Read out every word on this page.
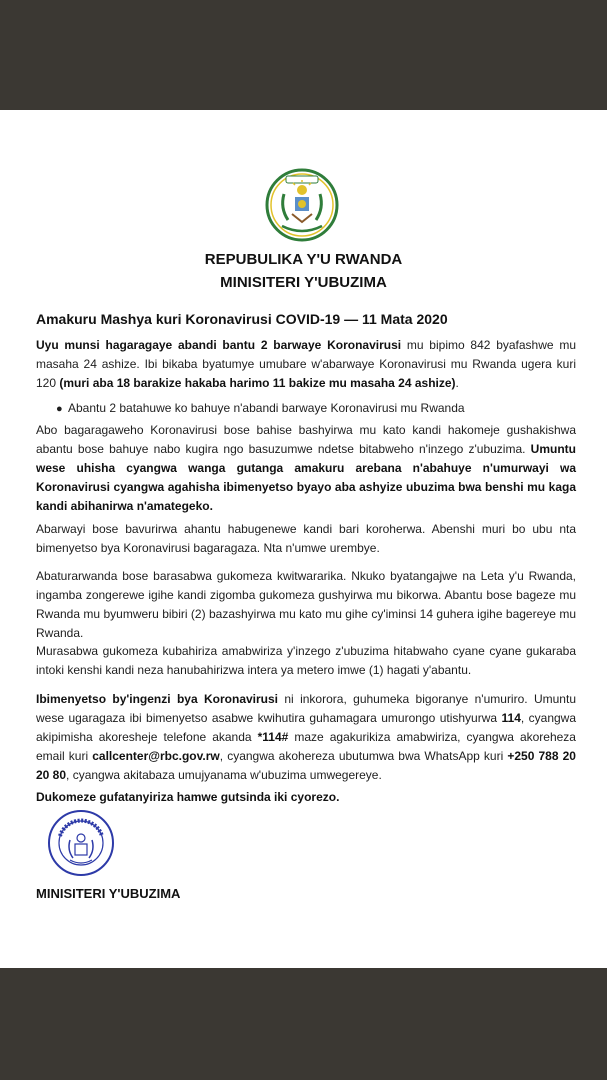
REPUBULIKA Y'U RWANDA
MINISITERI Y'UBUZIMA
Amakuru Mashya kuri Koronavirusi COVID-19 — 11 Mata 2020

Uyu munsi hagaragaye abandi bantu 2 barwaye Koronavirusi mu bipimo 842 byafashwe mu masaha 24 ashize. Ibi bikaba byatumye umubare w'abarwaye Koronavirusi mu Rwanda ugera kuri 120 (muri aba 18 barakize hakaba harimo 11 bakize mu masaha 24 ashize).

● Abantu 2 batahuwe ko bahuye n'abandi barwaye Koronavirusi mu Rwanda

Abo bagaragaweho Koronavirusi bose bahise bashyirwa mu kato kandi hakomeje gushakishwa abantu bose bahuye nabo kugira ngo basuzumwe ndetse bitabweho n'inzego z'ubuzima. Umuntu wese uhisha cyangwa wanga gutanga amakuru arebana n'abahuye n'umurwayi wa Koronavirusi cyangwa agahisha ibimenyetso byayo aba ashyize ubuzima bwa benshi mu kaga kandi abihanirwa n'amategeko.

Abarwayi bose bavurirwa ahantu habugenewe kandi bari koroherwa. Abenshi muri bo ubu nta bimenyetso bya Koronavirusi bagaragaza. Nta n'umwe urembye.

Abaturarwanda bose barasabwa gukomeza kwitwararika. Nkuko byatangajwe na Leta y'u Rwanda, ingamba zongerewe igihe kandi zigomba gukomeza gushyirwa mu bikorwa. Abantu bose bageze mu Rwanda mu byumweru bibiri (2) bazashyirwa mu kato mu gihe cy'iminsi 14 guhera igihe bagereye mu Rwanda.

Murasabwa gukomeza kubahiriza amabwiriza y'inzego z'ubuzima hitabwaho cyane cyane gukaraba intoki kenshi kandi neza hanubahirizwa intera ya metero imwe (1) hagati y'abantu.

Ibimenyetso by'ingenzi bya Koronavirusi ni inkorora, guhumeka bigoranye n'umuriro. Umuntu wese ugaragaza ibi bimenyetso asabwe kwihutira guhamagara umurongo utishyurwa 114, cyangwa akipimisha akoresheje telefone akanda *114# maze agakurikiza amabwiriza, cyangwa akoreheza email kuri callcenter@rbc.gov.rw, cyangwa akohereza ubutumwa bwa WhatsApp kuri +250 788 20 20 80, cyangwa akitabaza umujyanama w'ubuzima umwegereye.

Dukomeze gufatanyiriza hamwe gutsinda iki cyorezo.

MINISITERI Y'UBUZIMA
